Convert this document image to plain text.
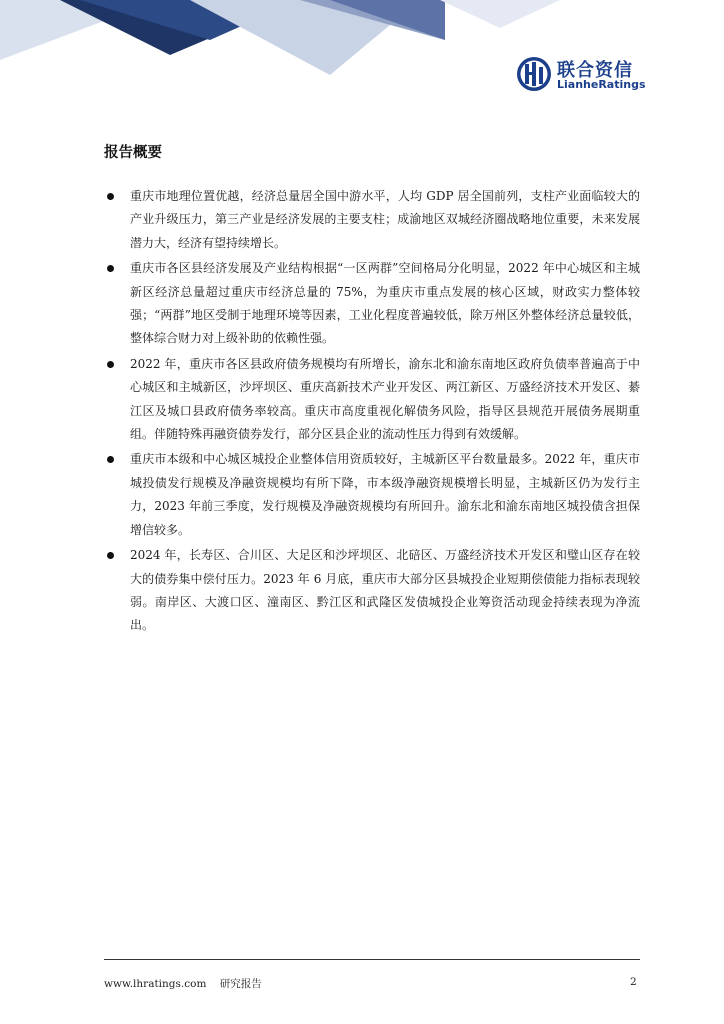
联合资信
LianheRatings
报告概要
重庆市地理位置优越，经济总量居全国中游水平，人均 GDP 居全国前列，支柱产业面临较大的产业升级压力，第三产业是经济发展的主要支柱；成渝地区双城经济圈战略地位重要，未来发展潜力大，经济有望持续增长。
重庆市各区县经济发展及产业结构根据“一区两群”空间格局分化明显，2022 年中心城区和主城新区经济总量超过重庆市经济总量的 75%，为重庆市重点发展的核心区域，财政实力整体较强；“两群”地区受制于地理环境等因素，工业化程度普遍较低，除万州区外整体经济总量较低，整体综合财力对上级补助的依赖性强。
2022 年，重庆市各区县政府债务规模均有所增长，渝东北和渝东南地区政府负债率普遍高于中心城区和主城新区，沙坪坝区、重庆高新技术产业开发区、两江新区、万盛经济技术开发区、綦江区及城口县政府债务率较高。重庆市高度重视化解债务风险，指导区县规范开展债务展期重组。伴随特殊再融资债券发行，部分区县企业的流动性压力得到有效缓解。
重庆市本级和中心城区城投企业整体信用资质较好，主城新区平台数量最多。2022 年，重庆市城投债发行规模及净融资规模均有所下降，市本级净融资规模增长明显，主城新区仍为发行主力，2023 年前三季度，发行规模及净融资规模均有所回升。渝东北和渝东南地区城投债含担保增信较多。
2024 年，长寿区、合川区、大足区和沙坪坝区、北碚区、万盛经济技术开发区和璧山区存在较大的债券集中偿付压力。2023 年 6 月底，重庆市大部分区县城投企业短期偿债能力指标表现较弱。南岸区、大渡口区、潼南区、黔江区和武隆区发债城投企业筹资活动现金持续表现为净流出。
www.lhratings.com 研究报告	2
